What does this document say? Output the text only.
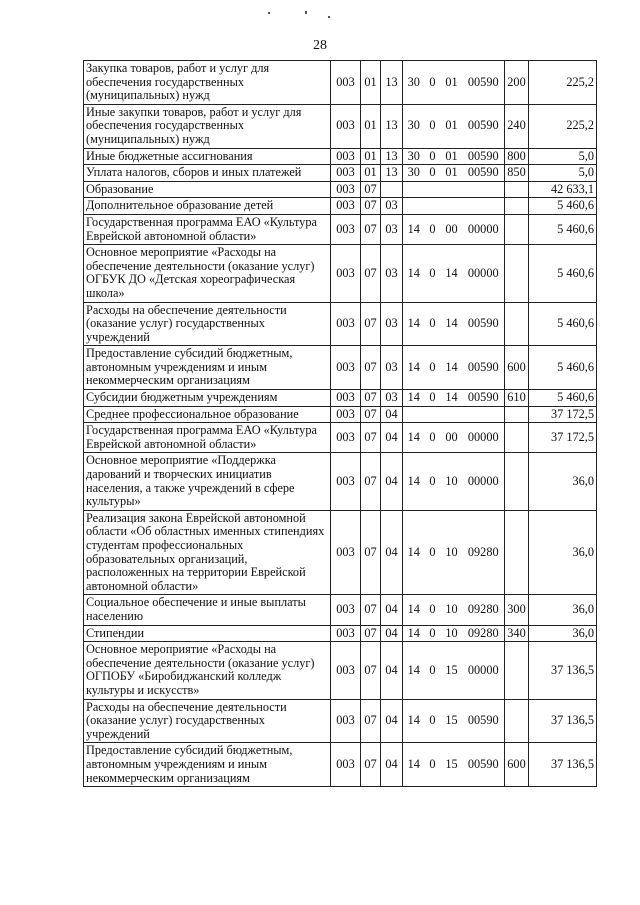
28
Закупка товаров, работ и услуг для обеспечения государственных (муниципальных) нужд	003	01	13	30	0	01	00590	200	225,2
Иные закупки товаров, работ и услуг для обеспечения государственных (муниципальных) нужд	003	01	13	30	0	01	00590	240	225,2
Иные бюджетные ассигнования	003	01	13	30	0	01	00590	800	5,0
Уплата налогов, сборов и иных платежей	003	01	13	30	0	01	00590	850	5,0
Образование	003	07							42 633,1
Дополнительное образование детей	003	07	03						5 460,6
Государственная программа ЕАО «Культура Еврейской автономной области»	003	07	03	14	0	00	00000		5 460,6
Основное мероприятие «Расходы на обеспечение деятельности (оказание услуг) ОГБУК ДО «Детская хореографическая школа»	003	07	03	14	0	14	00000		5 460,6
Расходы на обеспечение деятельности (оказание услуг) государственных учреждений	003	07	03	14	0	14	00590		5 460,6
Предоставление субсидий бюджетным, автономным учреждениям и иным некоммерческим организациям	003	07	03	14	0	14	00590	600	5 460,6
Субсидии бюджетным учреждениям	003	07	03	14	0	14	00590	610	5 460,6
Среднее профессиональное образование	003	07	04						37 172,5
Государственная программа ЕАО «Культура Еврейской автономной области»	003	07	04	14	0	00	00000		37 172,5
Основное мероприятие «Поддержка дарований и творческих инициатив населения, а также учреждений в сфере культуры»	003	07	04	14	0	10	00000		36,0
Реализация закона Еврейской автономной области «Об областных именных стипендиях студентам профессиональных образовательных организаций, расположенных на территории Еврейской автономной области»	003	07	04	14	0	10	09280		36,0
Социальное обеспечение и иные выплаты населению	003	07	04	14	0	10	09280	300	36,0
Стипендии	003	07	04	14	0	10	09280	340	36,0
Основное мероприятие «Расходы на обеспечение деятельности (оказание услуг) ОГПОБУ «Биробиджанский колледж культуры и искусств»	003	07	04	14	0	15	00000		37 136,5
Расходы на обеспечение деятельности (оказание услуг) государственных учреждений	003	07	04	14	0	15	00590		37 136,5
Предоставление субсидий бюджетным, автономным учреждениям и иным некоммерческим организациям	003	07	04	14	0	15	00590	600	37 136,5
